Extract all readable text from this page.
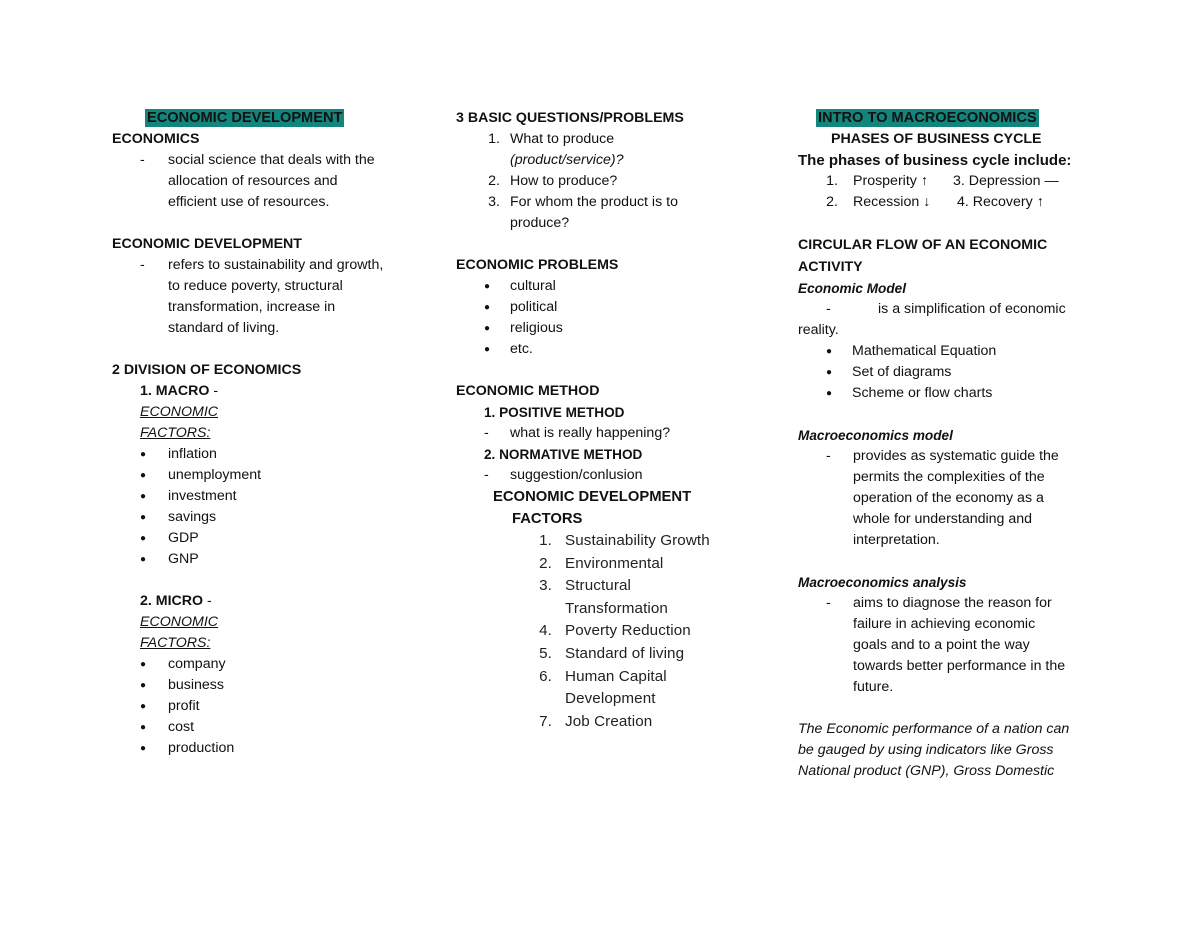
ECONOMIC DEVELOPMENT
ECONOMICS
-	social science that deals with the
allocation of resources and
efficient use of resources.
ECONOMIC DEVELOPMENT
-	refers to sustainability and growth,
to reduce poverty, structural
transformation, increase in
standard of living.
2 DIVISION OF ECONOMICS
1. MACRO -
ECONOMIC
FACTORS:
●	inflation
●	unemployment
●	investment
●	savings
●	GDP
●	GNP
2. MICRO -
ECONOMIC
FACTORS:
●	company
●	business
●	profit
●	cost
●	production
3 BASIC QUESTIONS/PROBLEMS
1. What to produce
(product/service)?
2. How to produce?
3. For whom the product is to
produce?
ECONOMIC PROBLEMS
●	cultural
●	political
●	religious
●	etc.
ECONOMIC METHOD
1. POSITIVE METHOD
-	what is really happening?
2. NORMATIVE METHOD
-	suggestion/conlusion
ECONOMIC DEVELOPMENT
FACTORS
1. Sustainability Growth
2. Environmental
3. Structural
Transformation
4. Poverty Reduction
5. Standard of living
6. Human Capital
Development
7. Job Creation
INTRO TO MACROECONOMICS
PHASES OF BUSINESS CYCLE
The phases of business cycle include:
1.	Prosperity ↑	3. Depression —
2.	Recession ↓	4. Recovery ↑
CIRCULAR FLOW OF AN ECONOMIC
ACTIVITY
Economic Model
-	is a simplification of economic
reality.
●	Mathematical Equation
●	Set of diagrams
●	Scheme or flow charts
Macroeconomics model
-	provides as systematic guide the
permits the complexities of the
operation of the economy as a
whole for understanding and
interpretation.
Macroeconomics analysis
-	aims to diagnose the reason for
failure in achieving economic
goals and to a point the way
towards better performance in the
future.
The Economic performance of a nation can
be gauged by using indicators like Gross
National product (GNP), Gross Domestic
